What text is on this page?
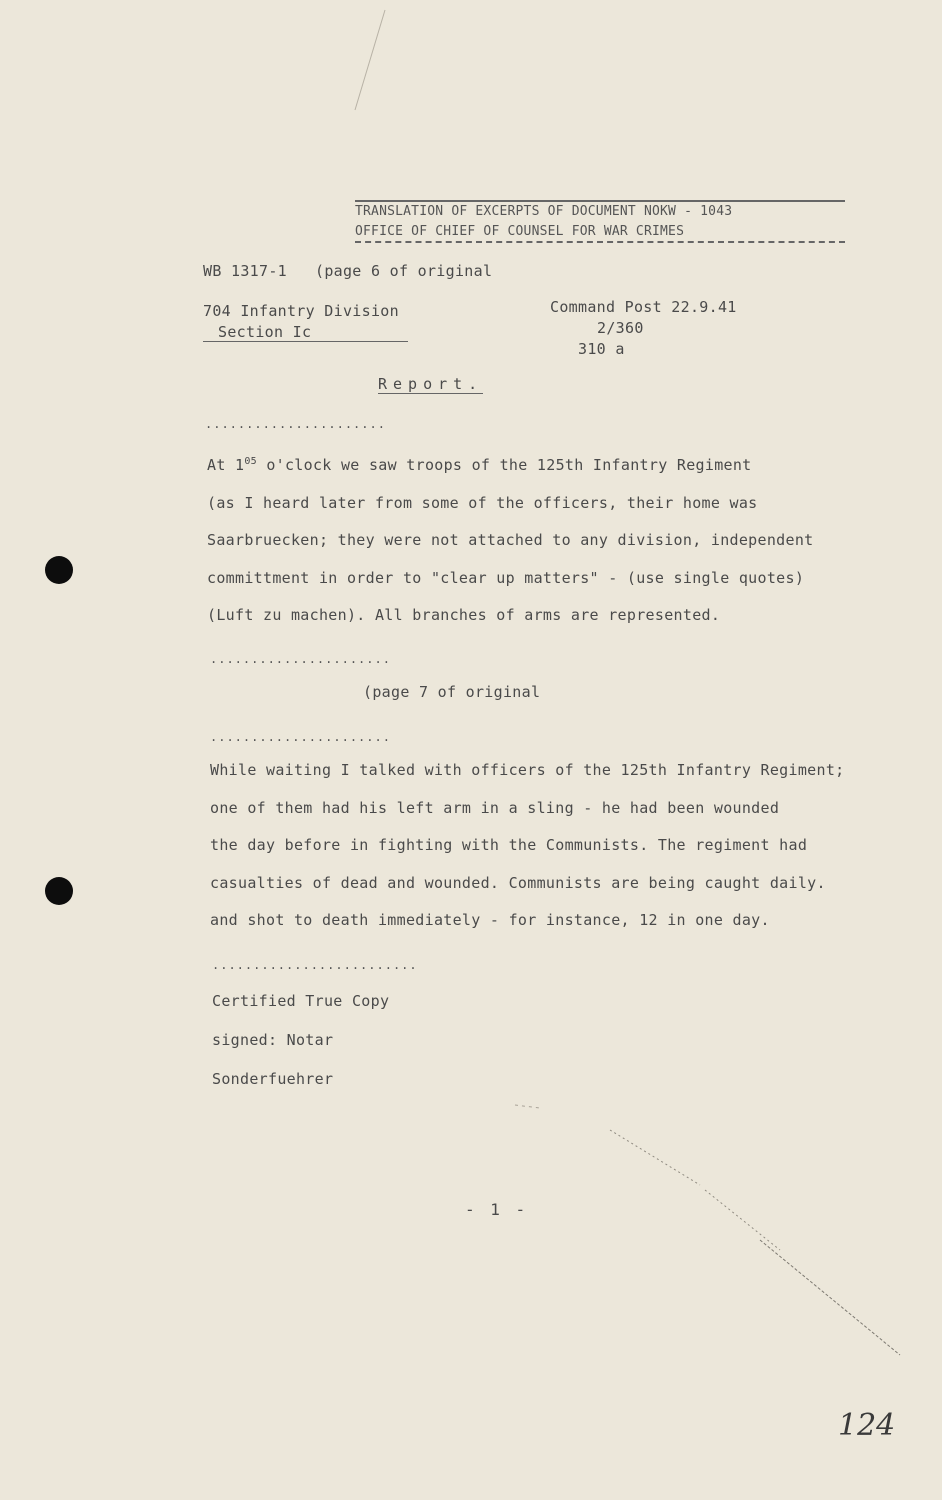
TRANSLATION OF EXCERPTS OF DOCUMENT NOKW - 1043
OFFICE OF CHIEF OF COUNSEL FOR WAR CRIMES
WB 1317-1 (page 6 of original
704 Infantry Division
Section Ic
Command Post 22.9.41
2/360
310 a
Report.
......................
At $1^{05}$ o'clock we saw troops of the 125th Infantry Regiment
(as I heard later from some of the officers, their home was
Saarbruecken; they were not attached to any division, independent
committment in order to "clear up matters" - (use single quotes)
(Luft zu machen). All branches of arms are represented.
......................
(page 7 of original
......................
While waiting I talked with officers of the 125th Infantry Regiment;
one of them had his left arm in a sling - he had been wounded
the day before in fighting with the Communists. The regiment had
casualties of dead and wounded. Communists are being caught daily.
and shot to death immediately - for instance, 12 in one day.
.........................
Certified True Copy
signed: Notar
Sonderfuehrer
- 1 -
124
